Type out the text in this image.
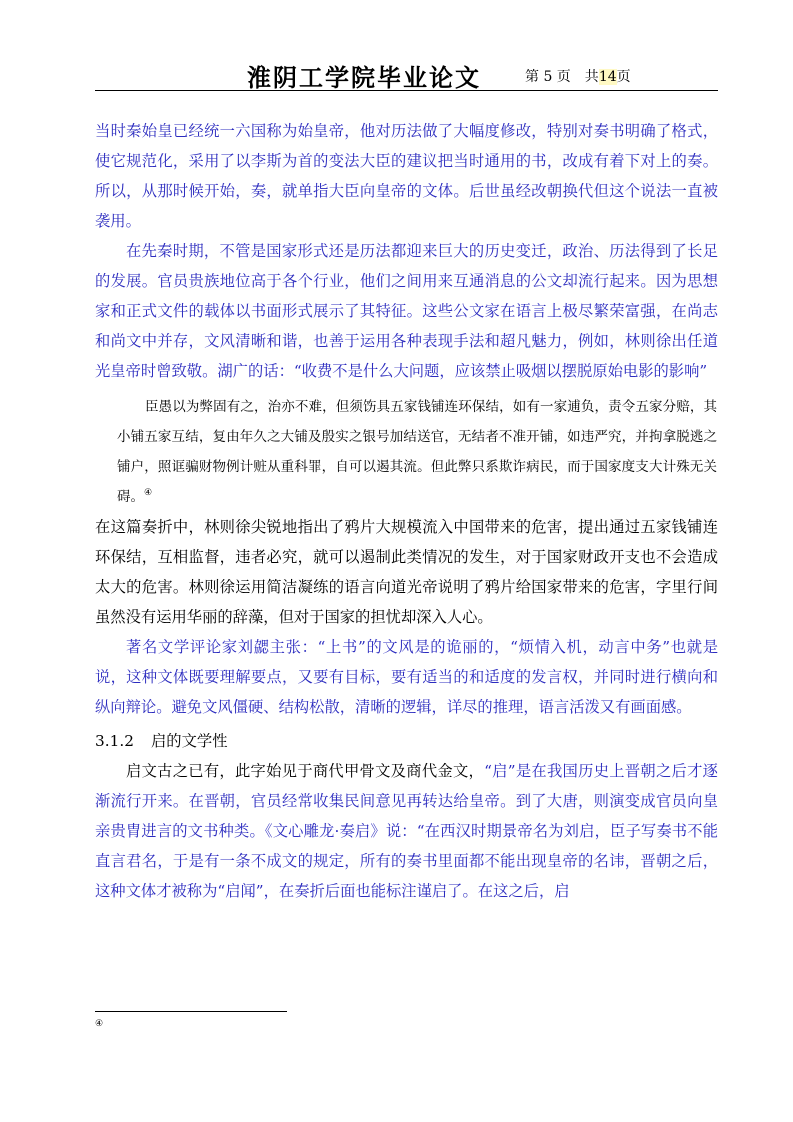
淮阴工学院毕业论文	第 5 页　共14页

当时秦始皇已经统一六国称为始皇帝，他对历法做了大幅度修改，特别对奏书明确了格式，使它规范化，采用了以李斯为首的变法大臣的建议把当时通用的书，改成有着下对上的奏。所以，从那时候开始，奏，就单指大臣向皇帝的文体。后世虽经改朝换代但这个说法一直被袭用。

在先秦时期，不管是国家形式还是历法都迎来巨大的历史变迁，政治、历法得到了长足的发展。官员贵族地位高于各个行业，他们之间用来互通消息的公文却流行起来。因为思想家和正式文件的载体以书面形式展示了其特征。这些公文家在语言上极尽繁荣富强，在尚志和尚文中并存，文风清晰和谐，也善于运用各种表现手法和超凡魅力，例如，林则徐出任道光皇帝时曾致敬。湖广的话：“收费不是什么大问题，应该禁止吸烟以摆脱原始电影的影响”

臣愚以为弊固有之，治亦不难，但须饬具五家钱铺连环保结，如有一家逋负，责令五家分赔，其小铺五家互结，复由年久之大铺及殷实之银号加结送官，无结者不准开铺，如违严究，并拘拿脱逃之铺户，照诓骗财物例计赃从重科罪，自可以遏其流。但此弊只系欺诈病民，而于国家度支大计殊无关碍。④

在这篇奏折中，林则徐尖锐地指出了鸦片大规模流入中国带来的危害，提出通过五家钱铺连环保结，互相监督，违者必究，就可以遏制此类情况的发生，对于国家财政开支也不会造成太大的危害。林则徐运用简洁凝练的语言向道光帝说明了鸦片给国家带来的危害，字里行间虽然没有运用华丽的辞藻，但对于国家的担忧却深入人心。

著名文学评论家刘勰主张：“上书”的文风是的诡丽的，“烦情入机，动言中务”也就是说，这种文体既要理解要点，又要有目标，要有适当的和适度的发言权，并同时进行横向和纵向辩论。避免文风僵硬、结构松散，清晰的逻辑，详尽的推理，语言活泼又有画面感。

3.1.2 启的文学性

启文古之已有，此字始见于商代甲骨文及商代金文，“启”是在我国历史上晋朝之后才逐渐流行开来。在晋朝，官员经常收集民间意见再转达给皇帝。到了大唐，则演变成官员向皇亲贵胄进言的文书种类。《文心雕龙·奏启》说：“在西汉时期景帝名为刘启，臣子写奏书不能直言君名，于是有一条不成文的规定，所有的奏书里面都不能出现皇帝的名讳，晋朝之后，这种文体才被称为“启闻”，在奏折后面也能标注谨启了。在这之后，启

④
